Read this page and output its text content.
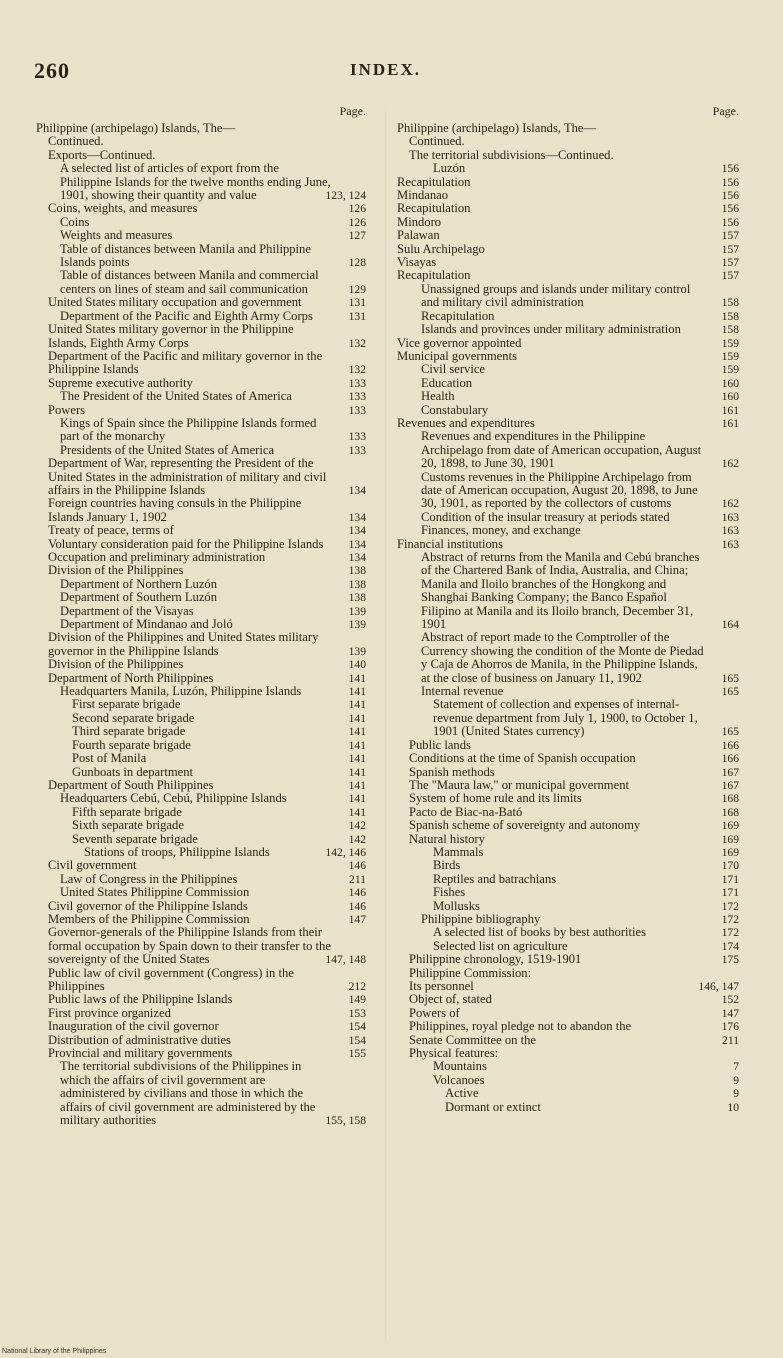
260	INDEX.
Page.
Philippine (archipelago) Islands, The—
Continued.
Exports—Continued.
A selected list of articles of export from the Philippine Islands for the twelve months ending June, 1901, showing their quantity and value	123, 124
Coins, weights, and measures	126
Coins	126
Weights and measures	127
Table of distances between Manila and Philippine Islands points	128
Table of distances between Manila and commercial centers on lines of steam and sail communication	129
United States military occupation and government	131
Department of the Pacific and Eighth Army Corps	131
United States military governor in the Philippine Islands, Eighth Army Corps	132
Department of the Pacific and military governor in the Philippine Islands	132
Supreme executive authority	133
The President of the United States of America	133
Powers	133
Kings of Spain since the Philippine Islands formed part of the monarchy	133
Presidents of the United States of America	133
Department of War, representing the President of the United States in the administration of military and civil affairs in the Philippine Islands	134
Foreign countries having consuls in the Philippine Islands January 1, 1902	134
Treaty of peace, terms of	134
Voluntary consideration paid for the Philippine Islands	134
Occupation and preliminary administration	134
Division of the Philippines	138
Department of Northern Luzón	138
Department of Southern Luzón	138
Department of the Visayas	139
Department of Mindanao and Joló	139
Division of the Philippines and United States military governor in the Philippine Islands	139
Division of the Philippines	140
Department of North Philippines	141
Headquarters Manila, Luzón, Philippine Islands	141
First separate brigade	141
Second separate brigade	141
Third separate brigade	141
Fourth separate brigade	141
Post of Manila	141
Gunboats in department	141
Department of South Philippines	141
Headquarters Cebú, Cebú, Philippine Islands	141
Fifth separate brigade	141
Sixth separate brigade	142
Seventh separate brigade	142
Stations of troops, Philippine Islands	142, 146
Civil government	146
Law of Congress in the Philippines	211
United States Philippine Commission	146
Civil governor of the Philippine Islands	146
Members of the Philippine Commission	147
Governor-generals of the Philippine Islands from their formal occupation by Spain down to their transfer to the sovereignty of the United States	147, 148
Public law of civil government (Congress) in the Philippines	212
Public laws of the Philippine Islands	149
First province organized	153
Inauguration of the civil governor	154
Distribution of administrative duties	154
Provincial and military governments	155
The territorial subdivisions of the Philippines in which the affairs of civil government are administered by civilians and those in which the affairs of civil government are administered by the military authorities	155, 158
Page.
Philippine (archipelago) Islands, The—
Continued.
The territorial subdivisions—Continued.
Luzón	156
Recapitulation	156
Mindanao	156
Recapitulation	156
Mindoro	156
Palawan	157
Sulu Archipelago	157
Visayas	157
Recapitulation	157
Unassigned groups and islands under military control and military civil administration	158
Recapitulation	158
Islands and provinces under military administration	158
Vice governor appointed	159
Municipal governments	159
Civil service	159
Education	160
Health	160
Constabulary	161
Revenues and expenditures	161
Revenues and expenditures in the Philippine Archipelago from date of American occupation, August 20, 1898, to June 30, 1901	162
Customs revenues in the Philippine Archipelago from date of American occupation, August 20, 1898, to June 30, 1901, as reported by the collectors of customs	162
Condition of the insular treasury at periods stated	163
Finances, money, and exchange	163
Financial institutions	163
Abstract of returns from the Manila and Cebú branches of the Chartered Bank of India, Australia, and China; Manila and Iloilo branches of the Hongkong and Shanghai Banking Company; the Banco Español Filipino at Manila and its Iloilo branch, December 31, 1901	164
Abstract of report made to the Comptroller of the Currency showing the condition of the Monte de Piedad y Caja de Ahorros de Manila, in the Philippine Islands, at the close of business on January 11, 1902	165
Internal revenue	165
Statement of collection and expenses of internal-revenue department from July 1, 1900, to October 1, 1901 (United States currency)	165
Public lands	166
Conditions at the time of Spanish occupation	166
Spanish methods	167
The "Maura law," or municipal government	167
System of home rule and its limits	168
Pacto de Biac-na-Bató	168
Spanish scheme of sovereignty and autonomy	169
Natural history	169
Mammals	169
Birds	170
Reptiles and batrachians	171
Fishes	171
Mollusks	172
Philippine bibliography	172
A selected list of books by best authorities	172
Selected list on agriculture	174
Philippine chronology, 1519-1901	175
Philippine Commission:
Its personnel	146, 147
Object of, stated	152
Powers of	147
Philippines, royal pledge not to abandon the	176
Senate Committee on the	211
Physical features:
Mountains	7
Volcanoes	9
Active	9
Dormant or extinct	10
National Library of the Philippines
